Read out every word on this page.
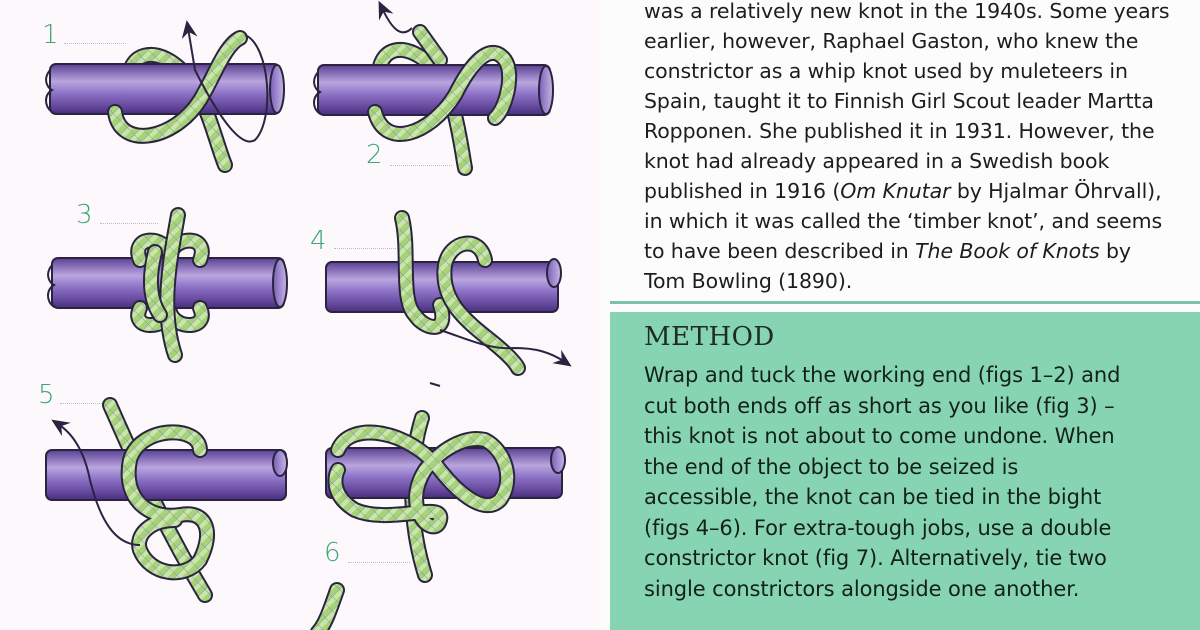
1
2
3
4
5
6

was a relatively new knot in the 1940s. Some years

earlier, however, Raphael Gaston, who knew the

constrictor as a whip knot used by muleteers in

Spain, taught it to Finnish Girl Scout leader Martta

Ropponen. She published it in 1931. However, the

knot had already appeared in a Swedish book

published in 1916 (Om Knutar by Hjalmar Öhrvall),

in which it was called the ‘timber knot’, and seems

to have been described in The Book of Knots by

Tom Bowling (1890).

METHOD

Wrap and tuck the working end (figs 1–2) and

cut both ends off as short as you like (fig 3) –

this knot is not about to come undone. When

the end of the object to be seized is

accessible, the knot can be tied in the bight

(figs 4–6). For extra-tough jobs, use a double

constrictor knot (fig 7). Alternatively, tie two

single constrictors alongside one another.
